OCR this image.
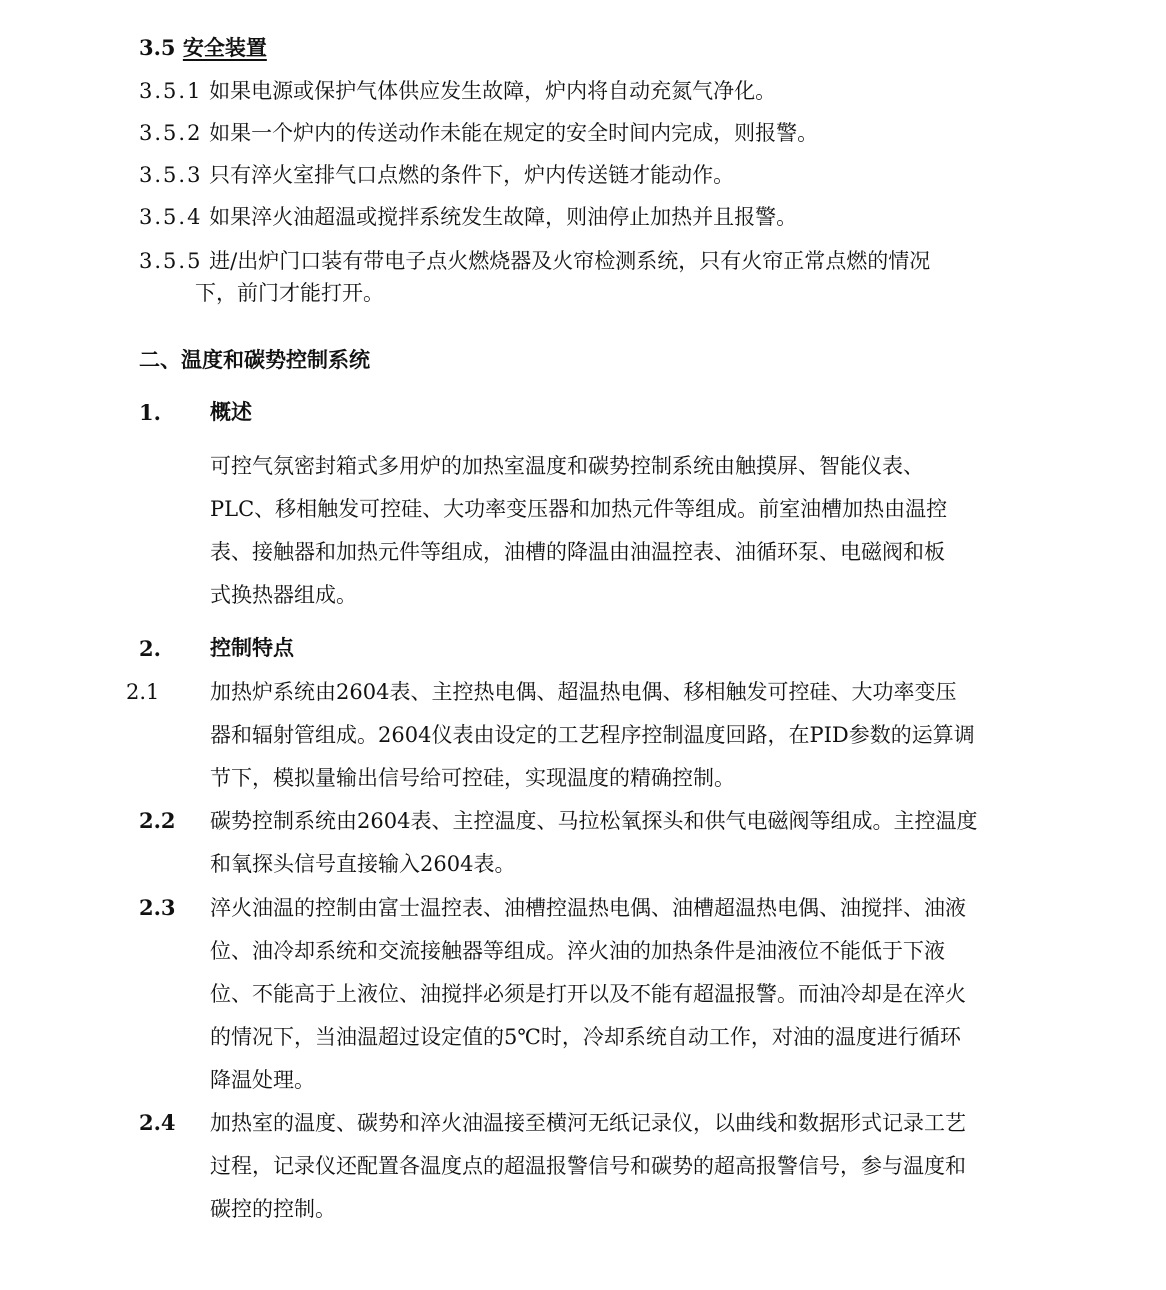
3.5 安全装置
3.5.1 如果电源或保护气体供应发生故障，炉内将自动充氮气净化。
3.5.2 如果一个炉内的传送动作未能在规定的安全时间内完成，则报警。
3.5.3 只有淬火室排气口点燃的条件下，炉内传送链才能动作。
3.5.4 如果淬火油超温或搅拌系统发生故障，则油停止加热并且报警。
3.5.5 进/出炉门口装有带电子点火燃烧器及火帘检测系统，只有火帘正常点燃的情况
下，前门才能打开。
二、温度和碳势控制系统
1. 概述
可控气氛密封箱式多用炉的加热室温度和碳势控制系统由触摸屏、智能仪表、
PLC、移相触发可控硅、大功率变压器和加热元件等组成。前室油槽加热由温控
表、接触器和加热元件等组成，油槽的降温由油温控表、油循环泵、电磁阀和板
式换热器组成。
2. 控制特点
2.1 加热炉系统由2604表、主控热电偶、超温热电偶、移相触发可控硅、大功率变压
器和辐射管组成。2604仪表由设定的工艺程序控制温度回路，在PID参数的运算调
节下，模拟量输出信号给可控硅，实现温度的精确控制。
2.2 碳势控制系统由2604表、主控温度、马拉松氧探头和供气电磁阀等组成。主控温度
和氧探头信号直接输入2604表。
2.3 淬火油温的控制由富士温控表、油槽控温热电偶、油槽超温热电偶、油搅拌、油液
位、油冷却系统和交流接触器等组成。淬火油的加热条件是油液位不能低于下液
位、不能高于上液位、油搅拌必须是打开以及不能有超温报警。而油冷却是在淬火
的情况下，当油温超过设定值的5℃时，冷却系统自动工作，对油的温度进行循环
降温处理。
2.4 加热室的温度、碳势和淬火油温接至横河无纸记录仪，以曲线和数据形式记录工艺
过程，记录仪还配置各温度点的超温报警信号和碳势的超高报警信号，参与温度和
碳控的控制。
